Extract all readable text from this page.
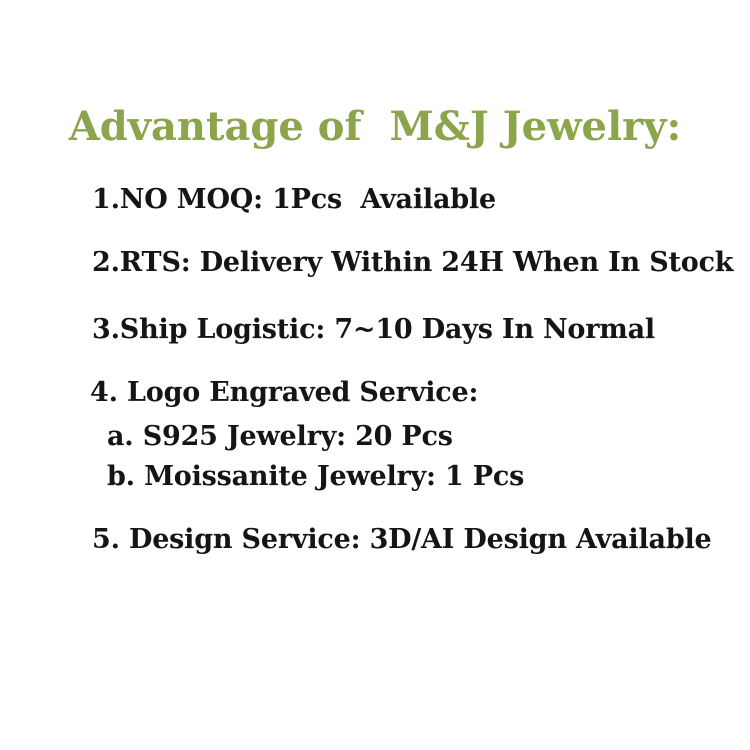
Advantage of  M&J Jewelry:
1.NO MOQ: 1Pcs  Available
2.RTS: Delivery Within 24H When In Stock
3.Ship Logistic: 7~10 Days In Normal
4. Logo Engraved Service:
a. S925 Jewelry: 20 Pcs
b. Moissanite Jewelry: 1 Pcs
5. Design Service: 3D/AI Design Available
